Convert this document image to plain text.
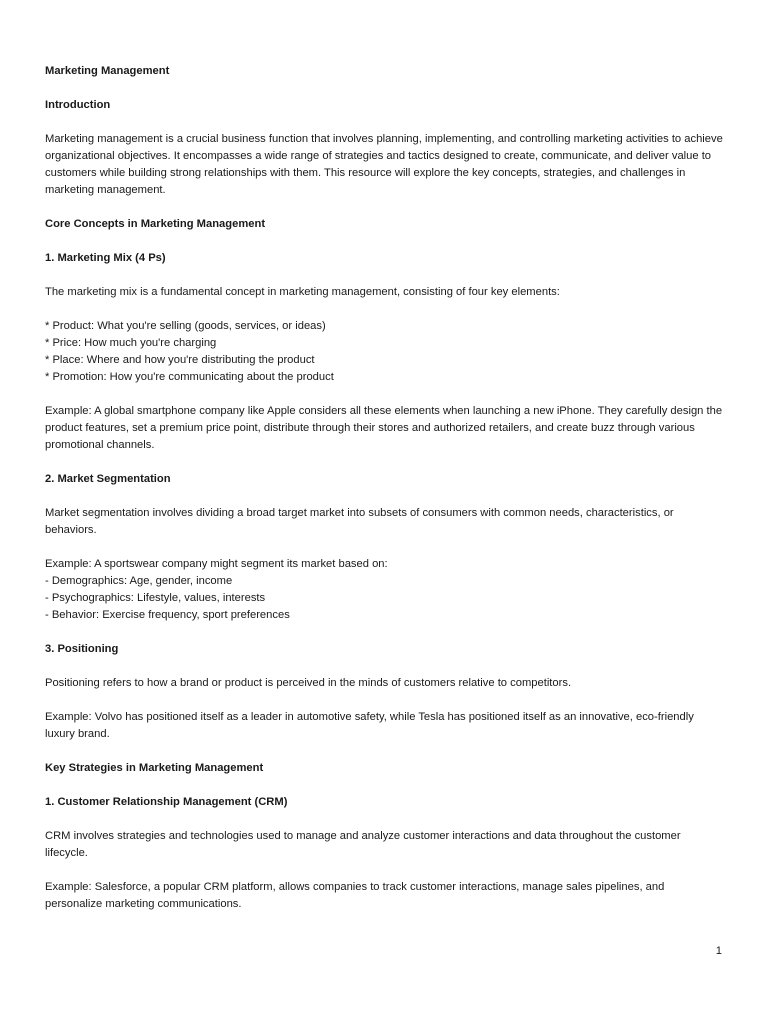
Marketing Management

Introduction

Marketing management is a crucial business function that involves planning, implementing, and controlling marketing activities to achieve organizational objectives. It encompasses a wide range of strategies and tactics designed to create, communicate, and deliver value to customers while building strong relationships with them. This resource will explore the key concepts, strategies, and challenges in marketing management.

Core Concepts in Marketing Management

1. Marketing Mix (4 Ps)

The marketing mix is a fundamental concept in marketing management, consisting of four key elements:

* Product: What you're selling (goods, services, or ideas)

* Price: How much you're charging

* Place: Where and how you're distributing the product

* Promotion: How you're communicating about the product

Example: A global smartphone company like Apple considers all these elements when launching a new iPhone. They carefully design the product features, set a premium price point, distribute through their stores and authorized retailers, and create buzz through various promotional channels.

2. Market Segmentation

Market segmentation involves dividing a broad target market into subsets of consumers with common needs, characteristics, or behaviors.

Example: A sportswear company might segment its market based on:

- Demographics: Age, gender, income

- Psychographics: Lifestyle, values, interests

- Behavior: Exercise frequency, sport preferences

3. Positioning

Positioning refers to how a brand or product is perceived in the minds of customers relative to competitors.

Example: Volvo has positioned itself as a leader in automotive safety, while Tesla has positioned itself as an innovative, eco-friendly luxury brand.

Key Strategies in Marketing Management

1. Customer Relationship Management (CRM)

CRM involves strategies and technologies used to manage and analyze customer interactions and data throughout the customer lifecycle.

Example: Salesforce, a popular CRM platform, allows companies to track customer interactions, manage sales pipelines, and personalize marketing communications.

1
